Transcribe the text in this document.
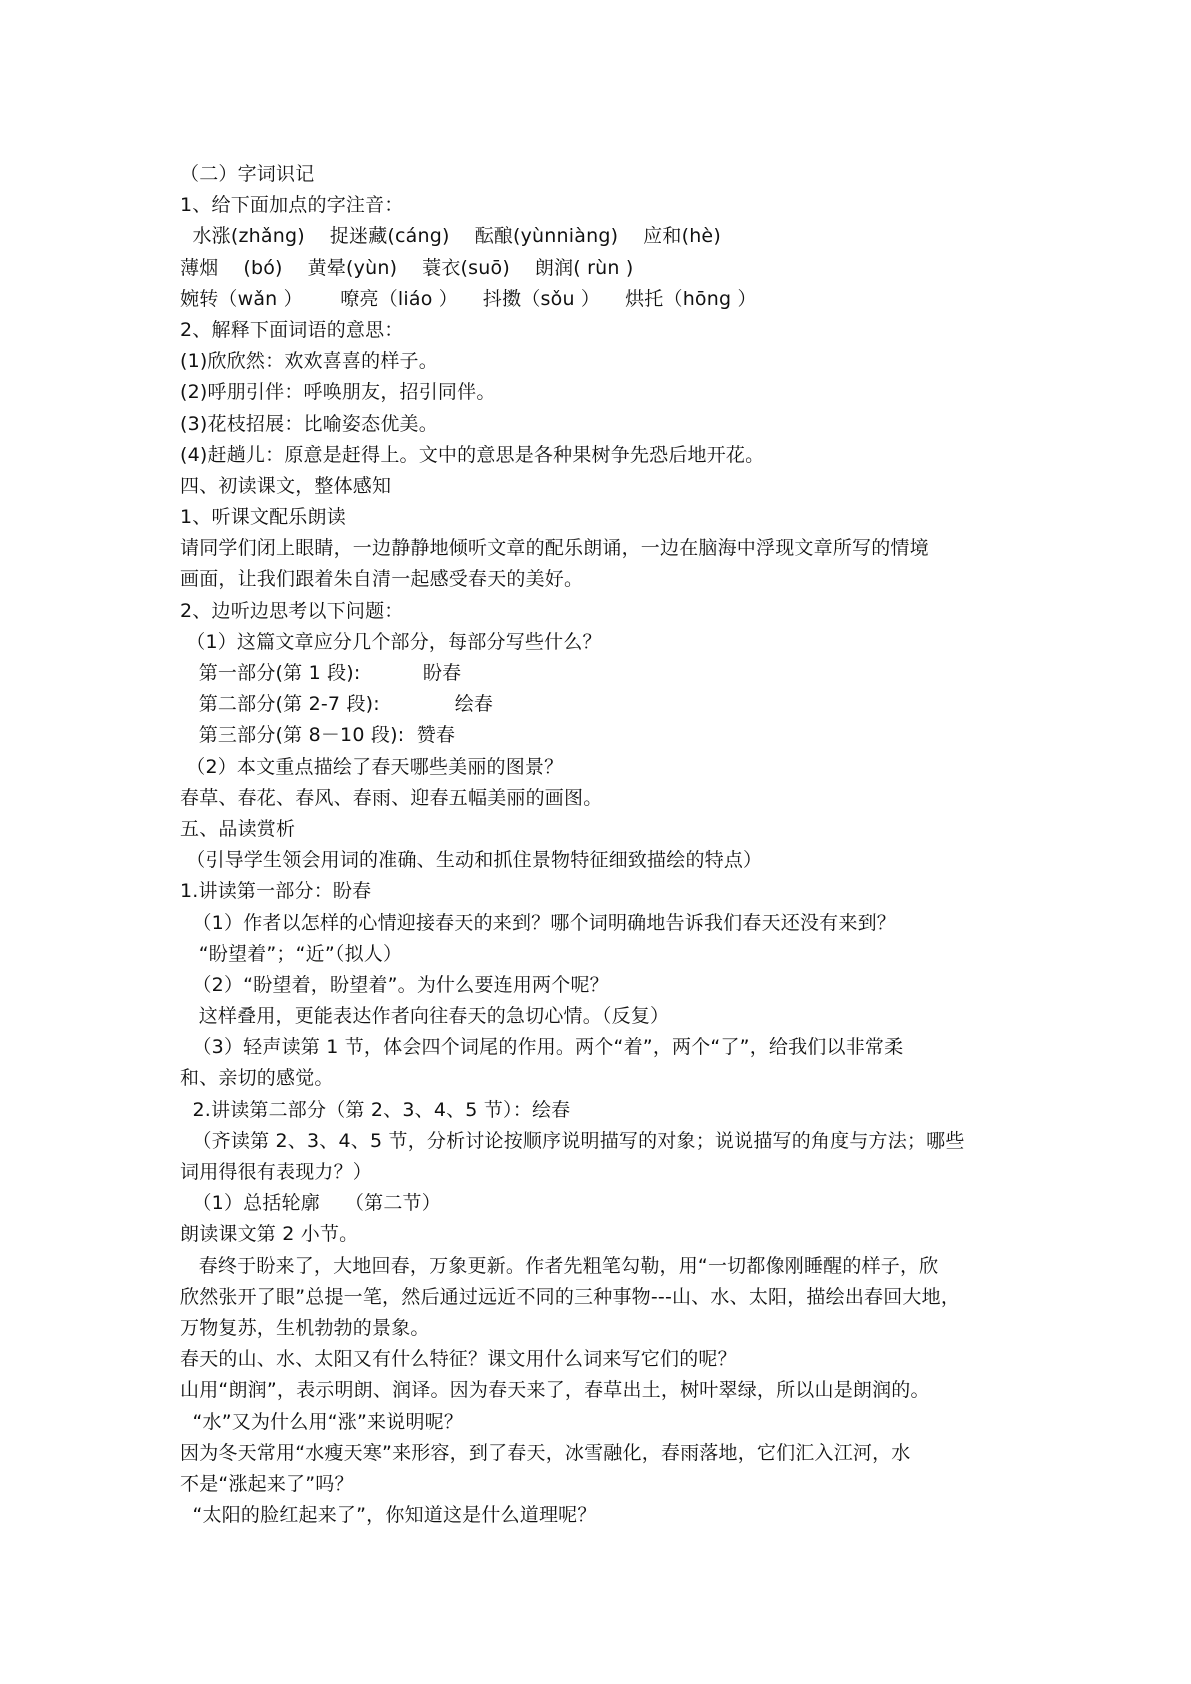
（二）字词识记
1、给下面加点的字注音：
水涨(zhǎng)    捉迷藏(cáng)    酝酿(yùnniàng)    应和(hè)
薄烟    (bó)    黄晕(yùn)    蓑衣(suō)    朗润( rùn )
婉转（wǎn ）      嘹亮（liáo ）    抖擞（sǒu ）    烘托（hōng ）
2、解释下面词语的意思：
(1)欣欣然：欢欢喜喜的样子。
(2)呼朋引伴：呼唤朋友，招引同伴。
(3)花枝招展：比喻姿态优美。
(4)赶趟儿：原意是赶得上。文中的意思是各种果树争先恐后地开花。
四、初读课文，整体感知
1、听课文配乐朗读
请同学们闭上眼睛，一边静静地倾听文章的配乐朗诵，一边在脑海中浮现文章所写的情境
画面，让我们跟着朱自清一起感受春天的美好。
2、边听边思考以下问题：
（1）这篇文章应分几个部分，每部分写些什么？
第一部分(第 1 段):          盼春
第二部分(第 2-7 段):            绘春
第三部分(第 8－10 段):  赞春
（2）本文重点描绘了春天哪些美丽的图景？
春草、春花、春风、春雨、迎春五幅美丽的画图。
五、品读赏析
（引导学生领会用词的准确、生动和抓住景物特征细致描绘的特点）
1.讲读第一部分：盼春
（1）作者以怎样的心情迎接春天的来到？哪个词明确地告诉我们春天还没有来到？
“盼望着”；“近”（拟人）
（2）“盼望着，盼望着”。为什么要连用两个呢？
这样叠用，更能表达作者向往春天的急切心情。（反复）
（3）轻声读第 1 节，体会四个词尾的作用。两个“着”，两个“了”，给我们以非常柔
和、亲切的感觉。
2.讲读第二部分（第 2、3、4、5 节）：绘春
（齐读第 2、3、4、5 节，分析讨论按顺序说明描写的对象；说说描写的角度与方法；哪些
词用得很有表现力？）
（1）总括轮廓    （第二节）
朗读课文第 2 小节。
春终于盼来了，大地回春，万象更新。作者先粗笔勾勒，用“一切都像刚睡醒的样子，欣
欣然张开了眼”总提一笔，然后通过远近不同的三种事物---山、水、太阳，描绘出春回大地，
万物复苏，生机勃勃的景象。
春天的山、水、太阳又有什么特征？课文用什么词来写它们的呢？
山用“朗润”，表示明朗、润译。因为春天来了，春草出土，树叶翠绿，所以山是朗润的。
“水”又为什么用“涨”来说明呢？
因为冬天常用“水瘦天寒”来形容，到了春天，冰雪融化，春雨落地，它们汇入江河，水
不是“涨起来了”吗？
“太阳的脸红起来了”，你知道这是什么道理呢？
